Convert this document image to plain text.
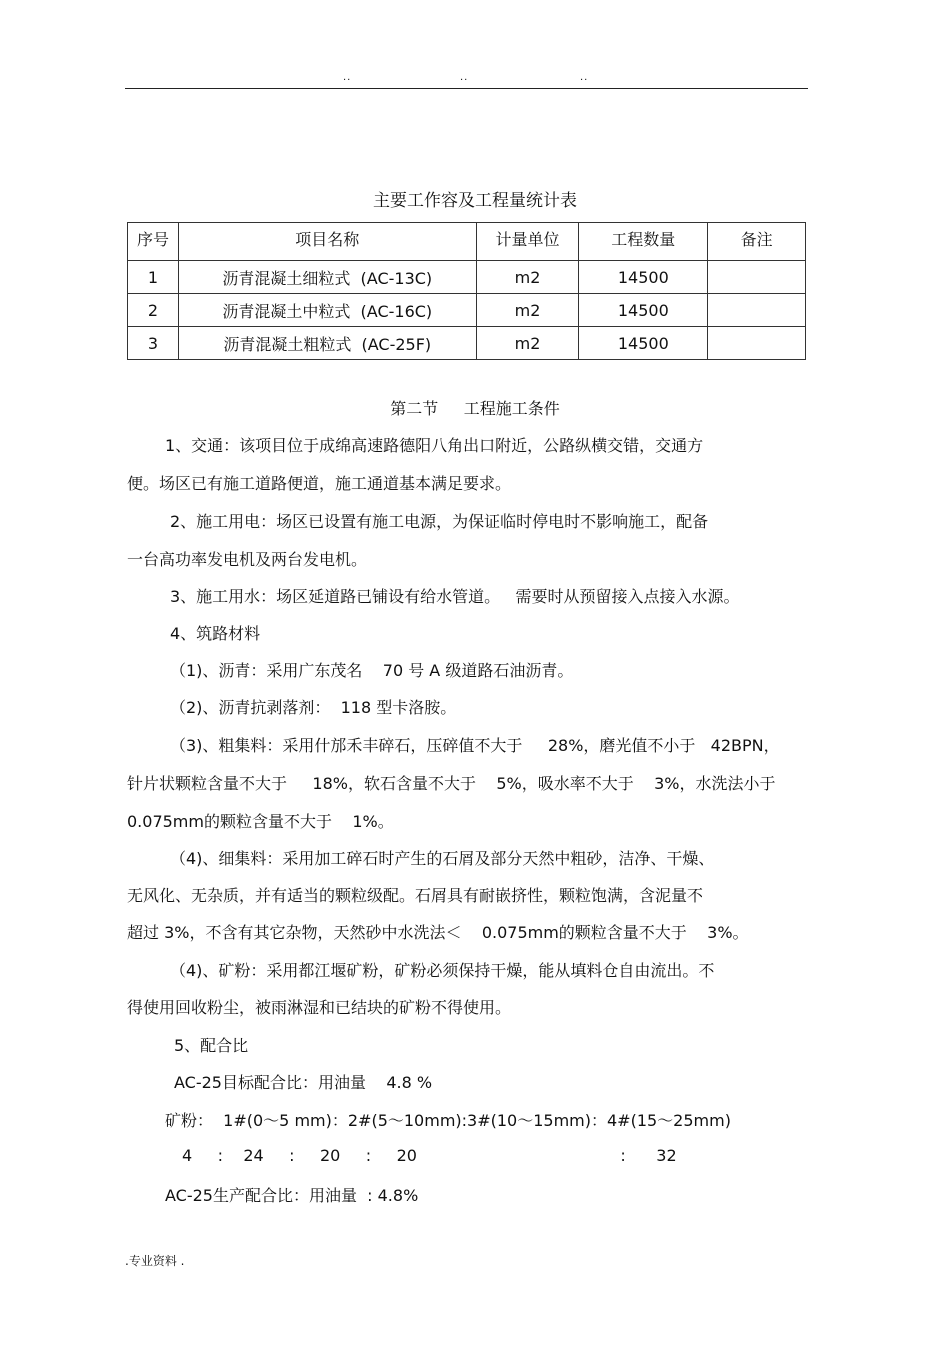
..	..	..
主要工作容及工程量统计表
序号	项目名称	计量单位	工程数量	备注
1	沥青混凝土细粒式  (AC-13C)	m2	14500	
2	沥青混凝土中粒式  (AC-16C)	m2	14500	
3	沥青混凝土粗粒式  (AC-25F)	m2	14500	
第二节     工程施工条件
1、交通：该项目位于成绵高速路德阳八角出口附近，公路纵横交错，交通方
便。场区已有施工道路便道，施工通道基本满足要求。
2、施工用电：场区已设置有施工电源，为保证临时停电时不影响施工，配备
一台高功率发电机及两台发电机。
3、施工用水：场区延道路已铺设有给水管道。   需要时从预留接入点接入水源。
4、筑路材料
（1)、沥青：采用广东茂名    70 号 A 级道路石油沥青。
（2)、沥青抗剥落剂：  118 型卡洛胺。
（3)、粗集料：采用什邡禾丰碎石，压碎值不大于     28%，磨光值不小于   42BPN，
针片状颗粒含量不大于     18%，软石含量不大于    5%，吸水率不大于    3%，水洗法小于
0.075mm的颗粒含量不大于    1%。
（4)、细集料：采用加工碎石时产生的石屑及部分天然中粗砂，洁净、干燥、
无风化、无杂质，并有适当的颗粒级配。石屑具有耐嵌挤性，颗粒饱满，含泥量不
超过 3%，不含有其它杂物，天然砂中水洗法＜    0.075mm的颗粒含量不大于    3%。
（4)、矿粉：采用都江堰矿粉，矿粉必须保持干燥，能从填料仓自由流出。不
得使用回收粉尘，被雨淋湿和已结块的矿粉不得使用。
5、配合比
AC-25目标配合比：用油量    4.8 %
矿粉：  1#(0～5 mm)：2#(5～10mm):3#(10～15mm)：4#(15～25mm)
4     :    24     :     20     :     20                                        :      32
AC-25生产配合比：用油量  : 4.8%
.专业资料 .
